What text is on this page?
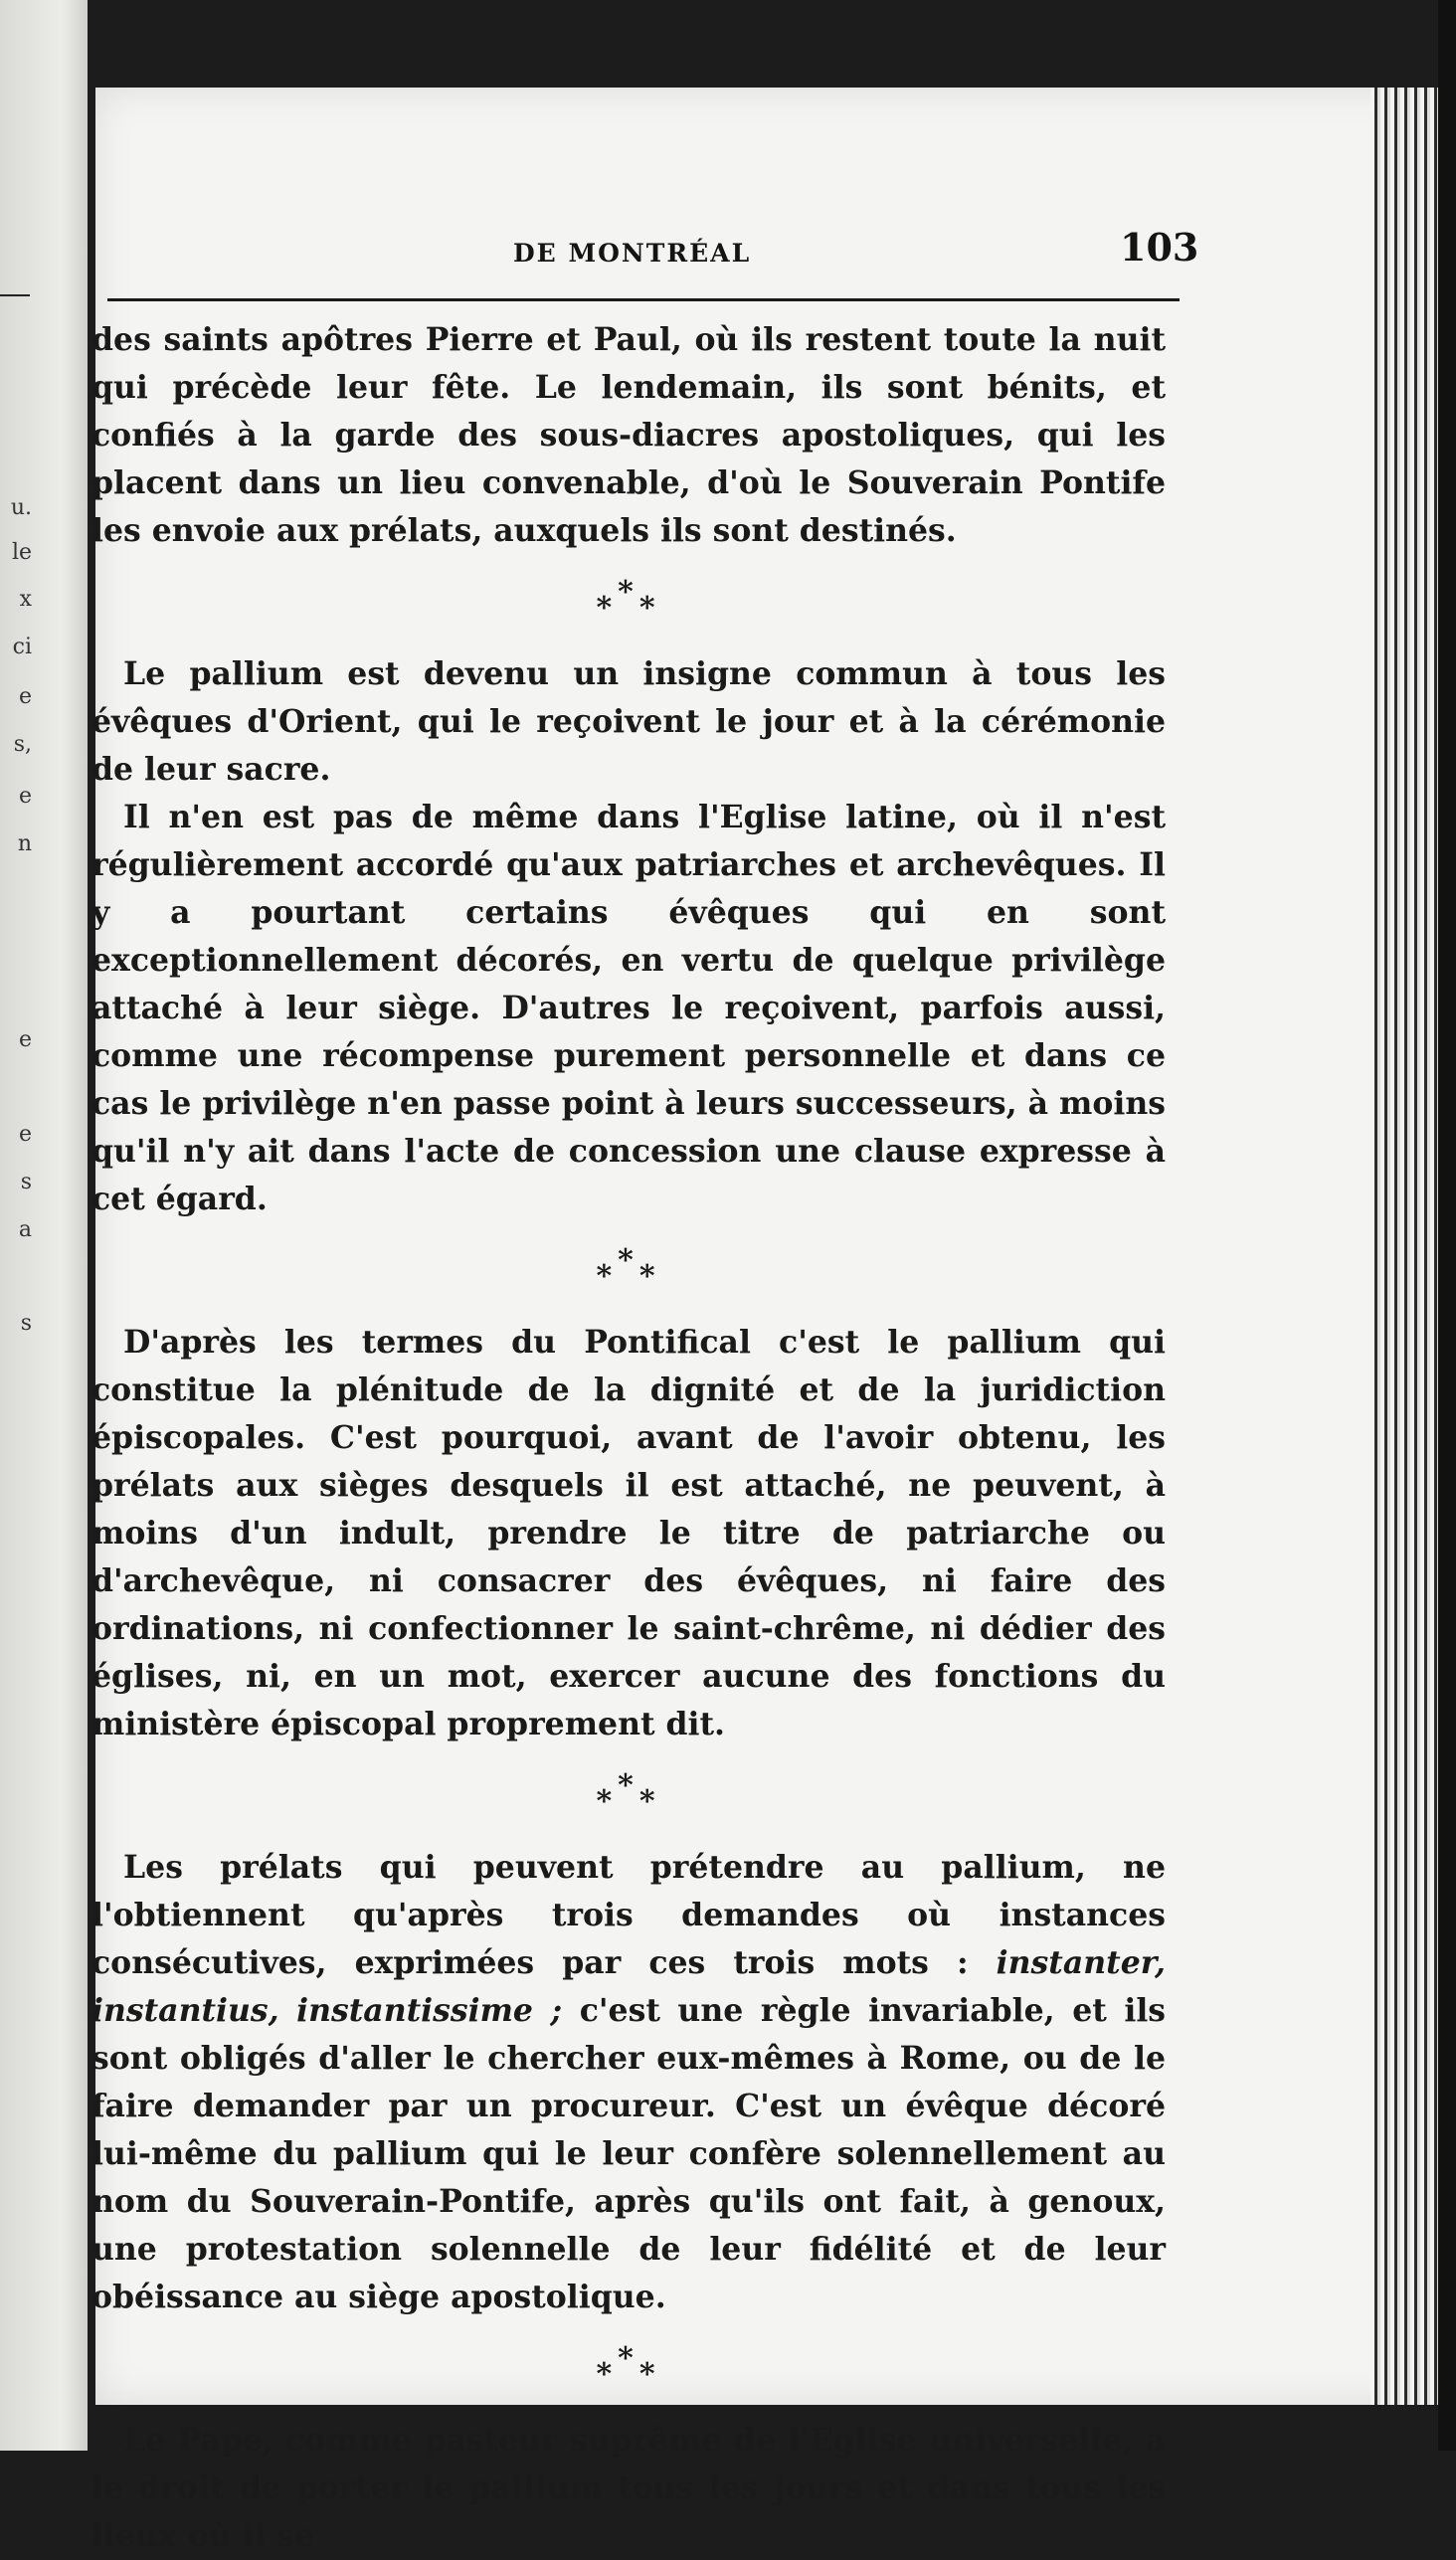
u.
le
x
ci
e
s,
e
n
e
e
s
a
s
DE MONTRÉAL	103

des saints apôtres Pierre et Paul, où ils restent toute la nuit qui précède leur fête. Le lendemain, ils sont bénits, et confiés à la garde des sous-diacres apostoliques, qui les placent dans un lieu convenable, d'où le Souverain Pontife les envoie aux prélats, auxquels ils sont destinés.

***

Le pallium est devenu un insigne commun à tous les évêques d'Orient, qui le reçoivent le jour et à la cérémonie de leur sacre.

Il n'en est pas de même dans l'Eglise latine, où il n'est régulièrement accordé qu'aux patriarches et archevêques. Il y a pourtant certains évêques qui en sont exceptionnellement décorés, en vertu de quelque privilège attaché à leur siège. D'autres le reçoivent, parfois aussi, comme une récompense purement personnelle et dans ce cas le privilège n'en passe point à leurs successeurs, à moins qu'il n'y ait dans l'acte de concession une clause expresse à cet égard.

***

D'après les termes du Pontifical c'est le pallium qui constitue la plénitude de la dignité et de la juridiction épiscopales. C'est pourquoi, avant de l'avoir obtenu, les prélats aux sièges desquels il est attaché, ne peuvent, à moins d'un indult, prendre le titre de patriarche ou d'archevêque, ni consacrer des évêques, ni faire des ordinations, ni confectionner le saint-chrême, ni dédier des églises, ni, en un mot, exercer aucune des fonctions du ministère épiscopal proprement dit.

***

Les prélats qui peuvent prétendre au pallium, ne l'obtiennent qu'après trois demandes où instances consécutives, exprimées par ces trois mots : instanter, instantius, instantissime ; c'est une règle invariable, et ils sont obligés d'aller le chercher eux-mêmes à Rome, ou de le faire demander par un procureur. C'est un évêque décoré lui-même du pallium qui le leur confère solennellement au nom du Souverain-Pontife, après qu'ils ont fait, à genoux, une protestation solennelle de leur fidélité et de leur obéissance au siège apostolique.

***

Le Pape, comme pasteur suprême de l'Eglise universelle, a le droit de porter le pallium tous les jours et dans tous les lieux où il se
